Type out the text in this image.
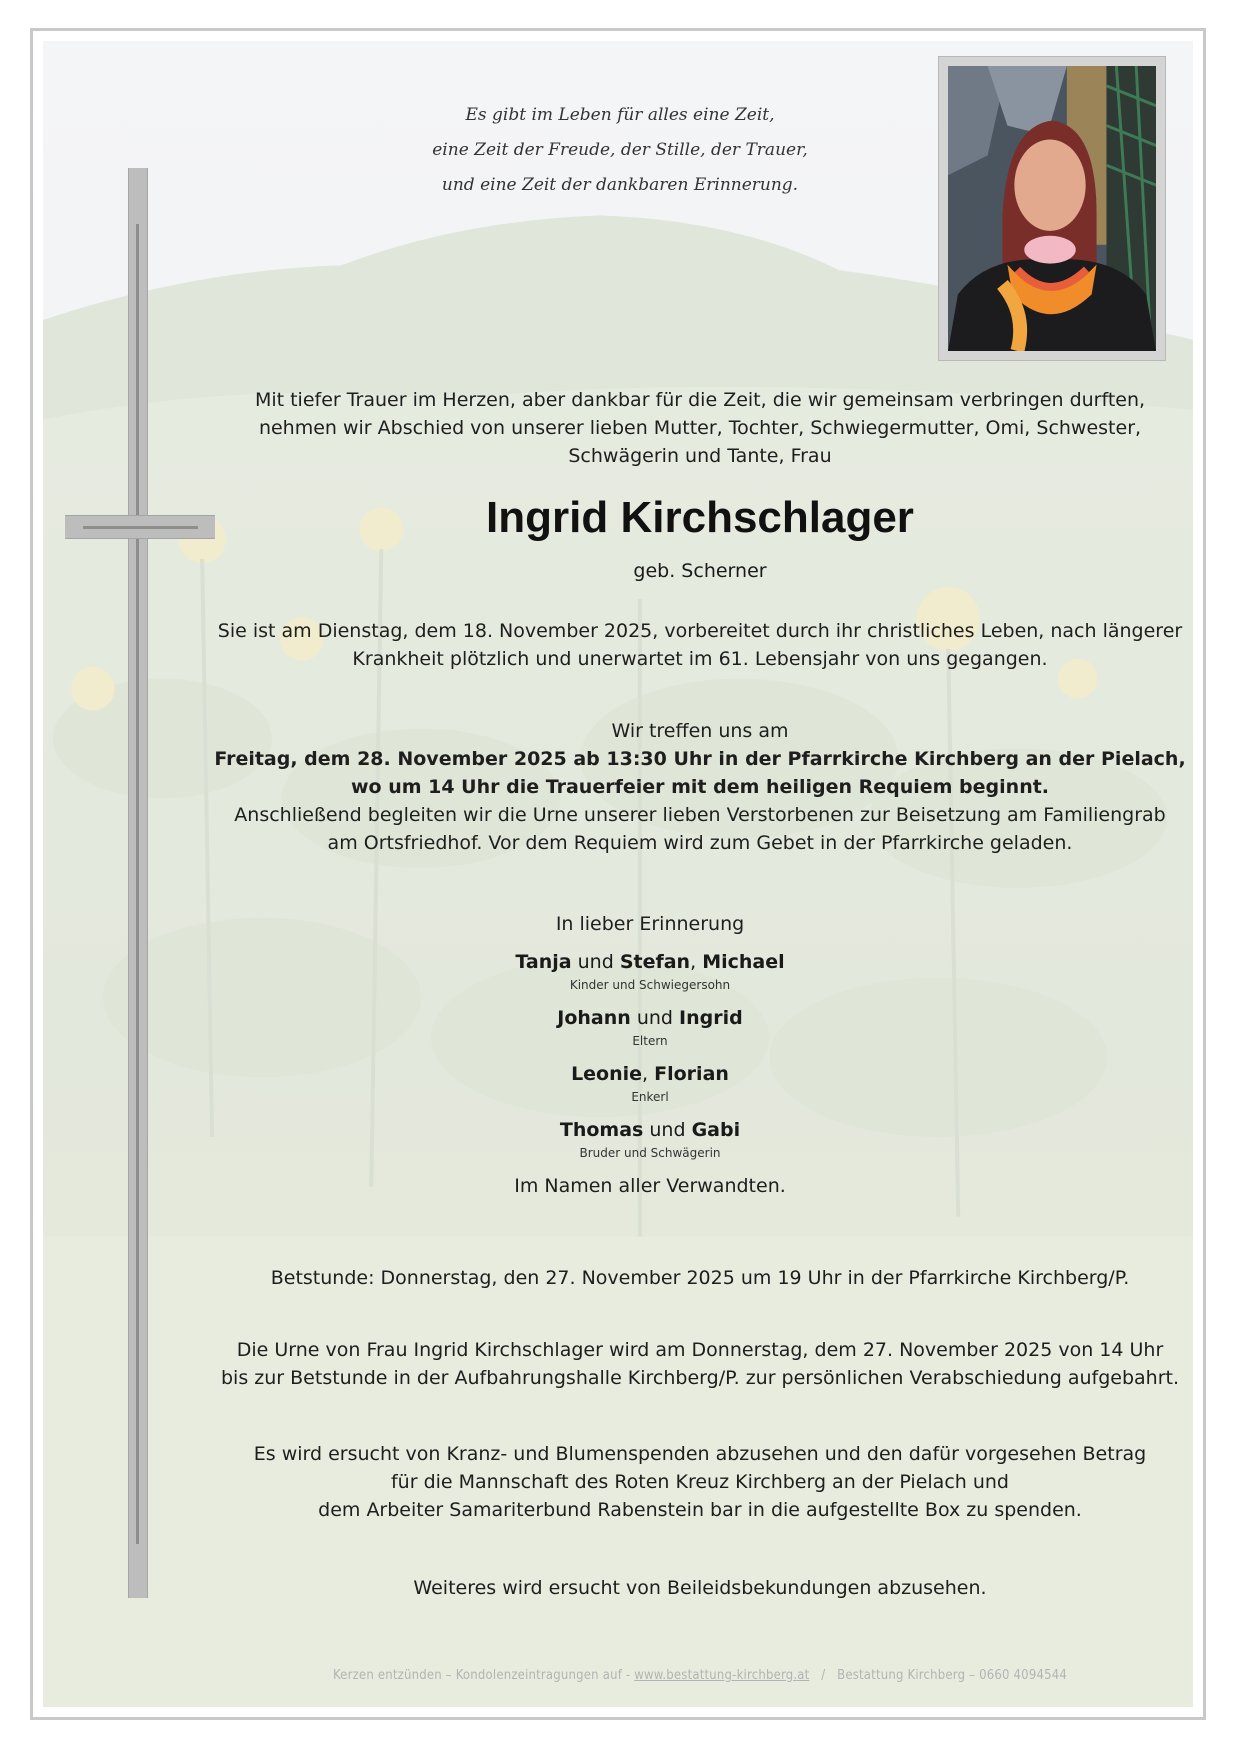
Es gibt im Leben für alles eine Zeit,
eine Zeit der Freude, der Stille, der Trauer,
und eine Zeit der dankbaren Erinnerung.
Mit tiefer Trauer im Herzen, aber dankbar für die Zeit, die wir gemeinsam verbringen durften,
nehmen wir Abschied von unserer lieben Mutter, Tochter, Schwiegermutter, Omi, Schwester,
Schwägerin und Tante, Frau
Ingrid Kirchschlager
geb. Scherner
Sie ist am Dienstag, dem 18. November 2025, vorbereitet durch ihr christliches Leben, nach längerer
Krankheit plötzlich und unerwartet im 61. Lebensjahr von uns gegangen.
Wir treffen uns am
Freitag, dem 28. November 2025 ab 13:30 Uhr in der Pfarrkirche Kirchberg an der Pielach,
wo um 14 Uhr die Trauerfeier mit dem heiligen Requiem beginnt.
Anschließend begleiten wir die Urne unserer lieben Verstorbenen zur Beisetzung am Familiengrab
am Ortsfriedhof. Vor dem Requiem wird zum Gebet in der Pfarrkirche geladen.
In lieber Erinnerung
Tanja und Stefan, Michael
Kinder und Schwiegersohn
Johann und Ingrid
Eltern
Leonie, Florian
Enkerl
Thomas und Gabi
Bruder und Schwägerin
Im Namen aller Verwandten.
Betstunde: Donnerstag, den 27. November 2025 um 19 Uhr in der Pfarrkirche Kirchberg/P.
Die Urne von Frau Ingrid Kirchschlager wird am Donnerstag, dem 27. November 2025 von 14 Uhr
bis zur Betstunde in der Aufbahrungshalle Kirchberg/P. zur persönlichen Verabschiedung aufgebahrt.
Es wird ersucht von Kranz- und Blumenspenden abzusehen und den dafür vorgesehen Betrag
für die Mannschaft des Roten Kreuz Kirchberg an der Pielach und
dem Arbeiter Samariterbund Rabenstein bar in die aufgestellte Box zu spenden.
Weiteres wird ersucht von Beileidsbekundungen abzusehen.
Kerzen entzünden – Kondolenzeintragungen auf - www.bestattung-kirchberg.at   /   Bestattung Kirchberg – 0660 4094544
